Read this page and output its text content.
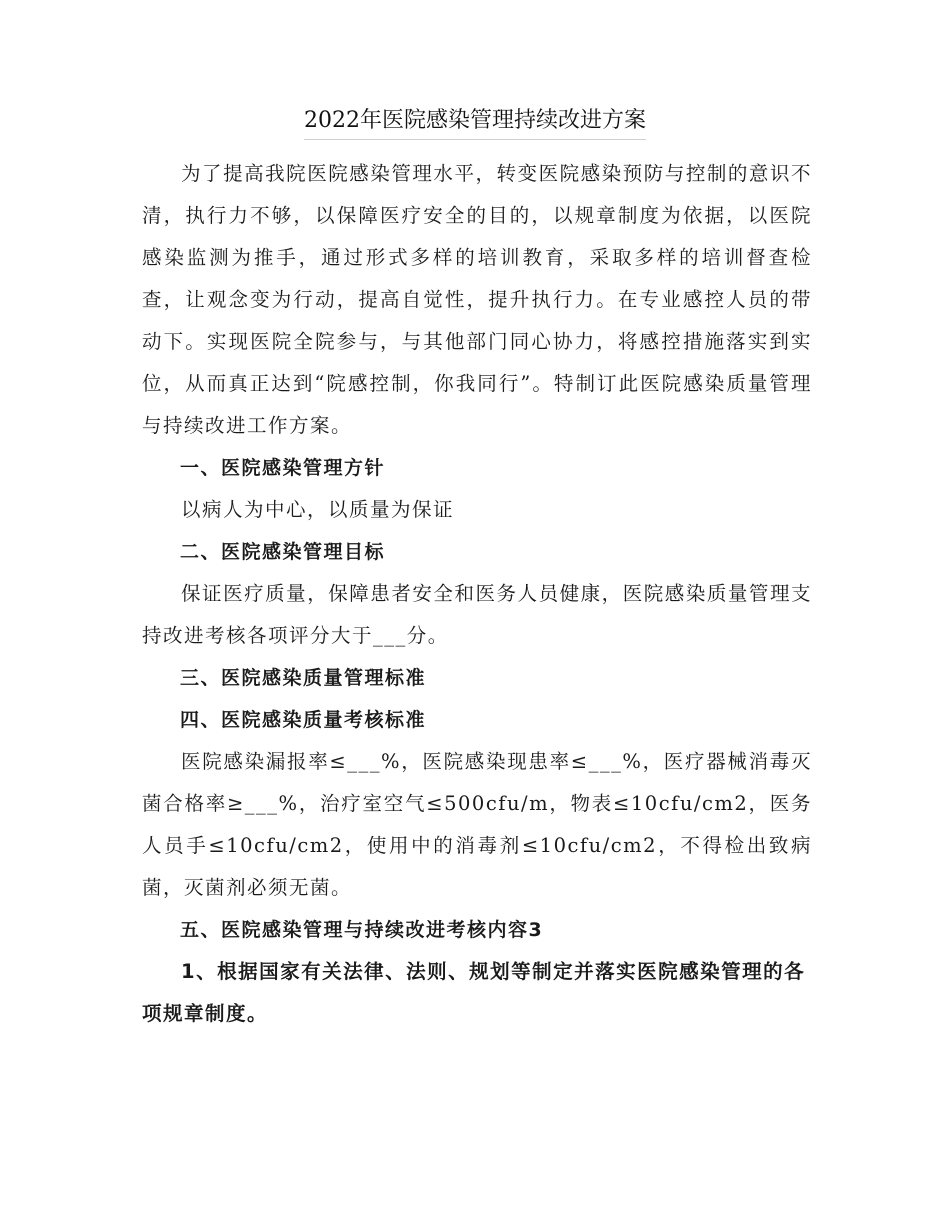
2022年医院感染管理持续改进方案

为了提高我院医院感染管理水平，转变医院感染预防与控制的意识不清，执行力不够，以保障医疗安全的目的，以规章制度为依据，以医院感染监测为推手，通过形式多样的培训教育，采取多样的培训督查检查，让观念变为行动，提高自觉性，提升执行力。在专业感控人员的带动下。实现医院全院参与，与其他部门同心协力，将感控措施落实到实位，从而真正达到“院感控制，你我同行”。特制订此医院感染质量管理与持续改进工作方案。

一、医院感染管理方针

以病人为中心，以质量为保证

二、医院感染管理目标

保证医疗质量，保障患者安全和医务人员健康，医院感染质量管理支持改进考核各项评分大于___分。

三、医院感染质量管理标准

四、医院感染质量考核标准

医院感染漏报率≤___%，医院感染现患率≤___%，医疗器械消毒灭菌合格率≥___%，治疗室空气≤500cfu/m，物表≤10cfu/cm2，医务人员手≤10cfu/cm2，使用中的消毒剂≤10cfu/cm2，不得检出致病菌，灭菌剂必须无菌。

五、医院感染管理与持续改进考核内容3

1、根据国家有关法律、法则、规划等制定并落实医院感染管理的各项规章制度。
